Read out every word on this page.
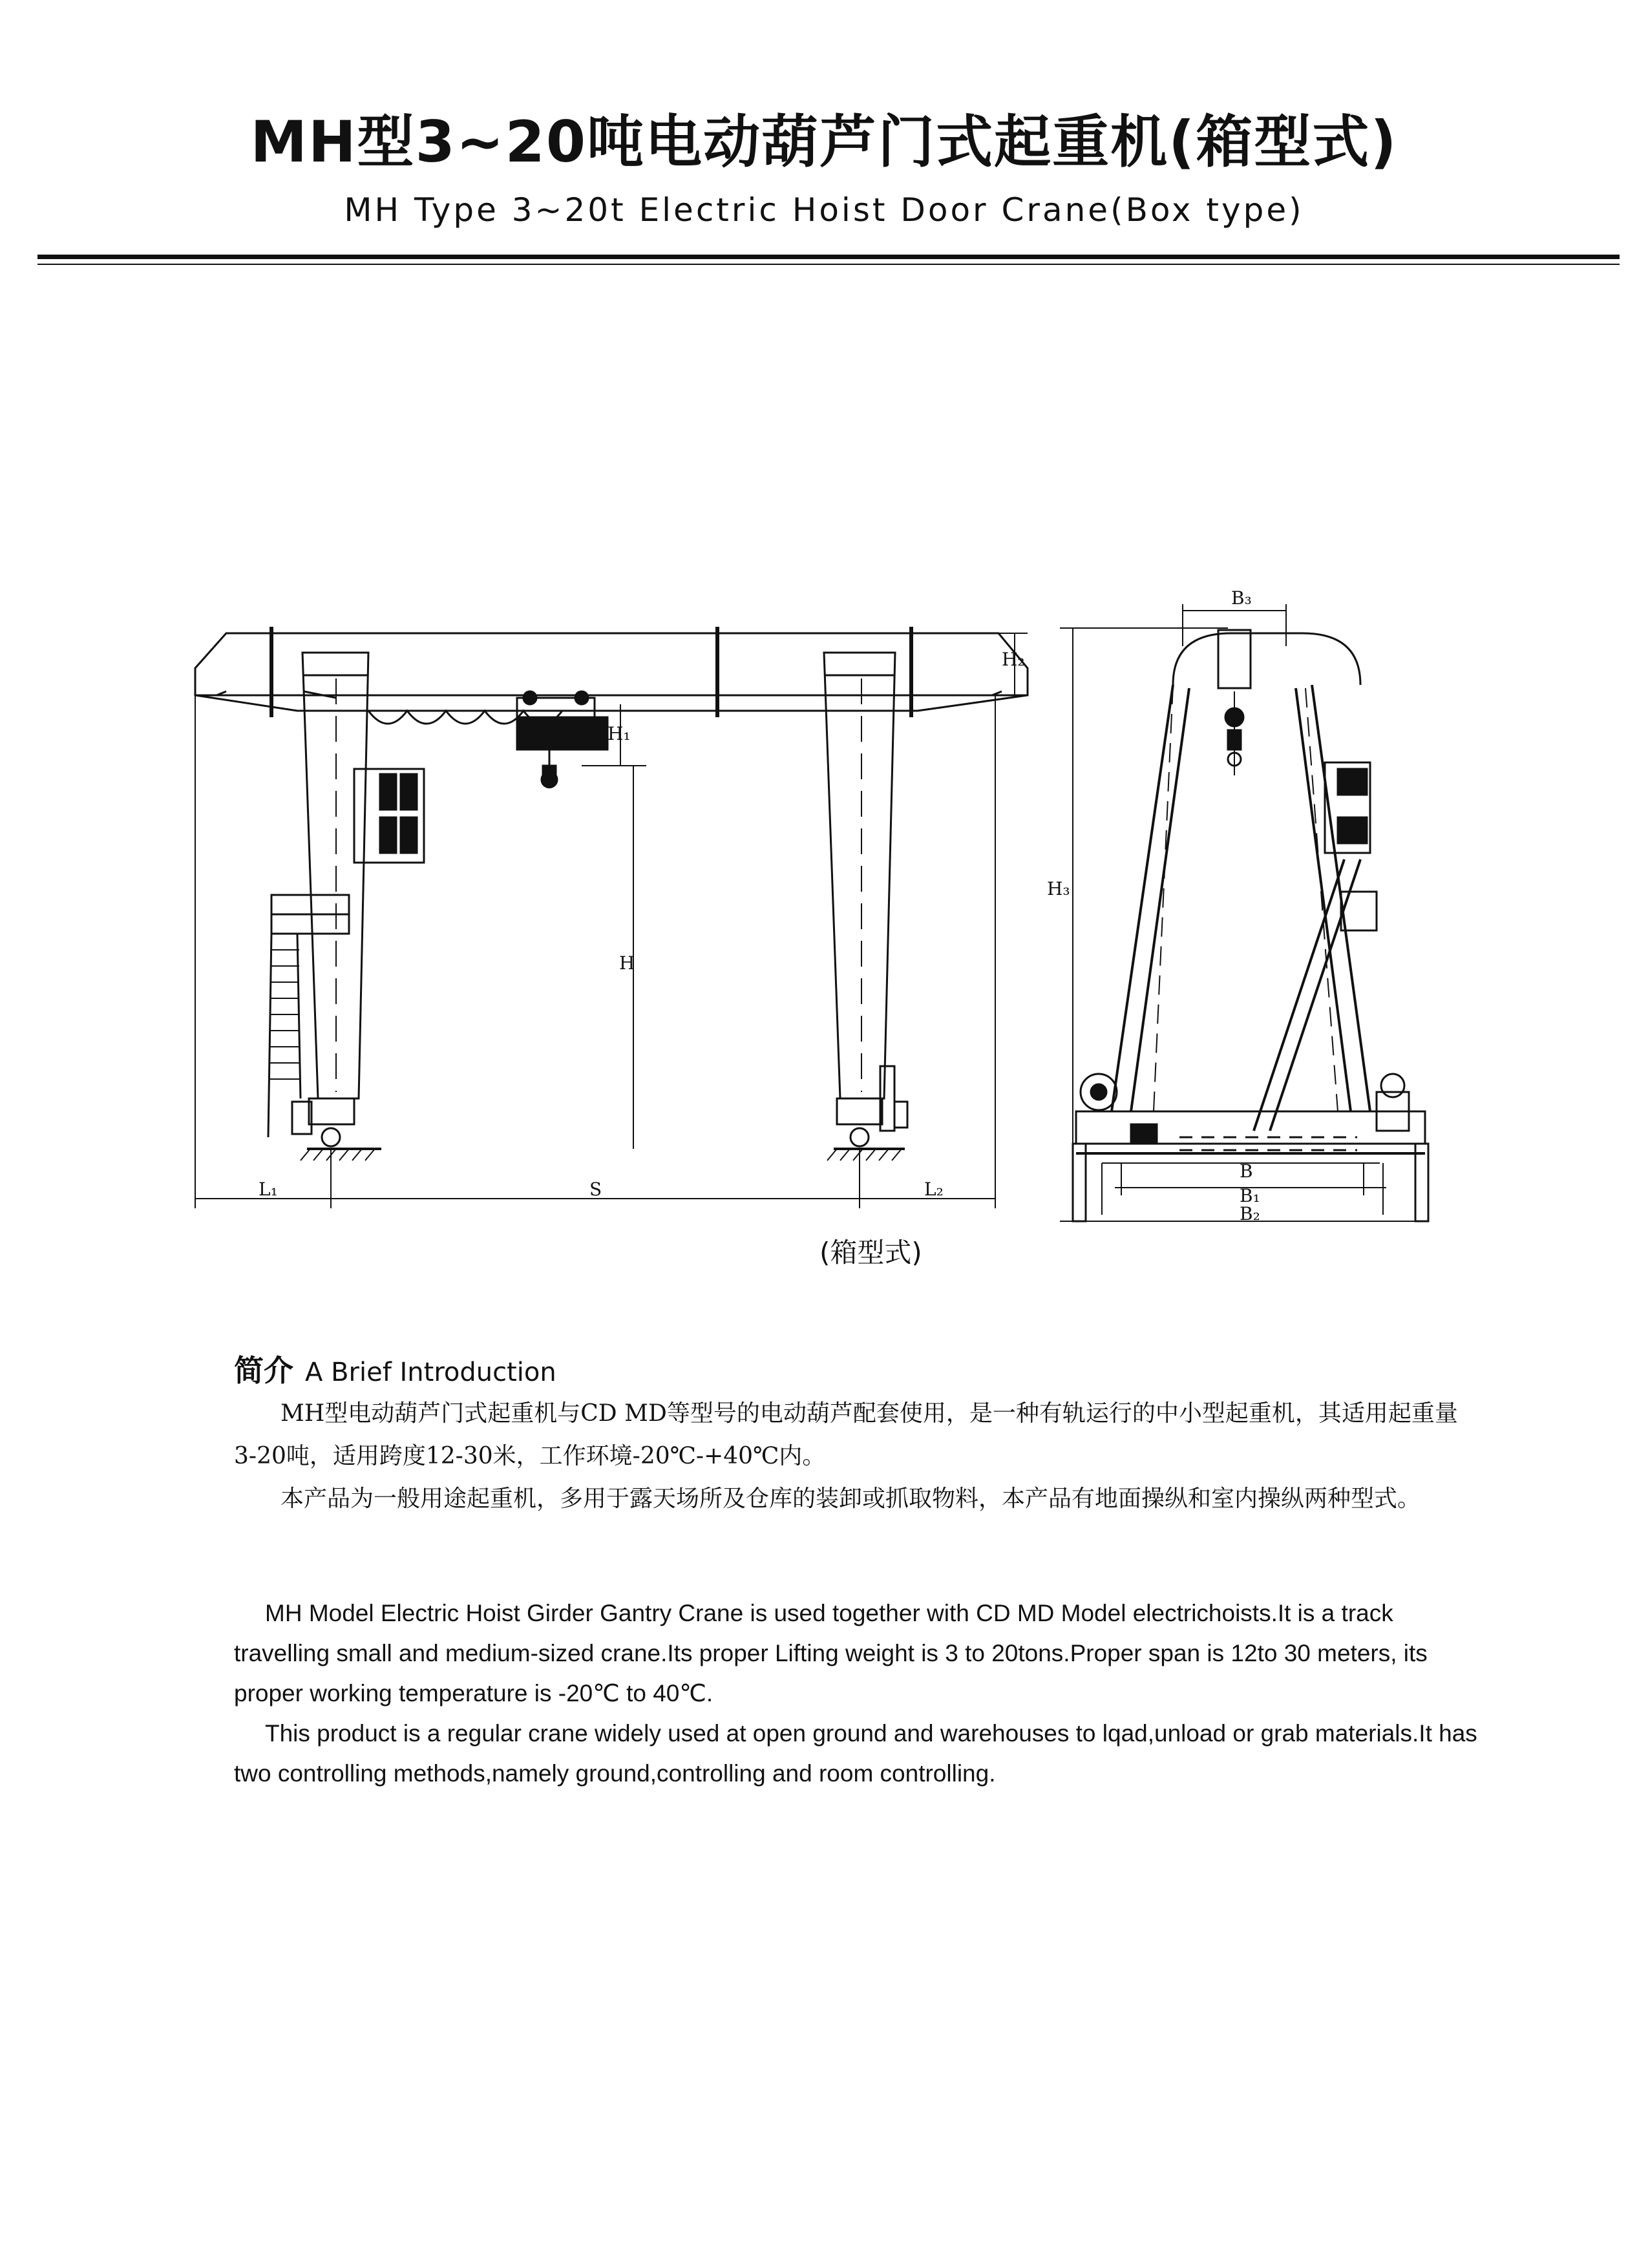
MH型3~20吨电动葫芦门式起重机(箱型式)
MH Type 3~20t Electric Hoist Door Crane(Box type)
H₁
H₂
H
L₁	S	L₂
B₃
H₃
B
B₁
B₂
(箱型式)
简介 A Brief Introduction
MH型电动葫芦门式起重机与CD MD等型号的电动葫芦配套使用，是一种有轨运行的中小型起重机，其适用起重量3-20吨，适用跨度12-30米，工作环境-20℃-+40℃内。
本产品为一般用途起重机，多用于露天场所及仓库的装卸或抓取物料，本产品有地面操纵和室内操纵两种型式。
MH Model Electric Hoist Girder Gantry Crane is used together with CD MD Model electrichoists.It is a track travelling small and medium-sized crane.Its proper Lifting weight is 3 to 20tons.Proper span is 12to 30 meters, its proper working temperature is -20℃ to 40℃.
This product is a regular crane widely used at open ground and warehouses to lqad,unload or grab materials.It has two controlling methods,namely ground,controlling and room controlling.
